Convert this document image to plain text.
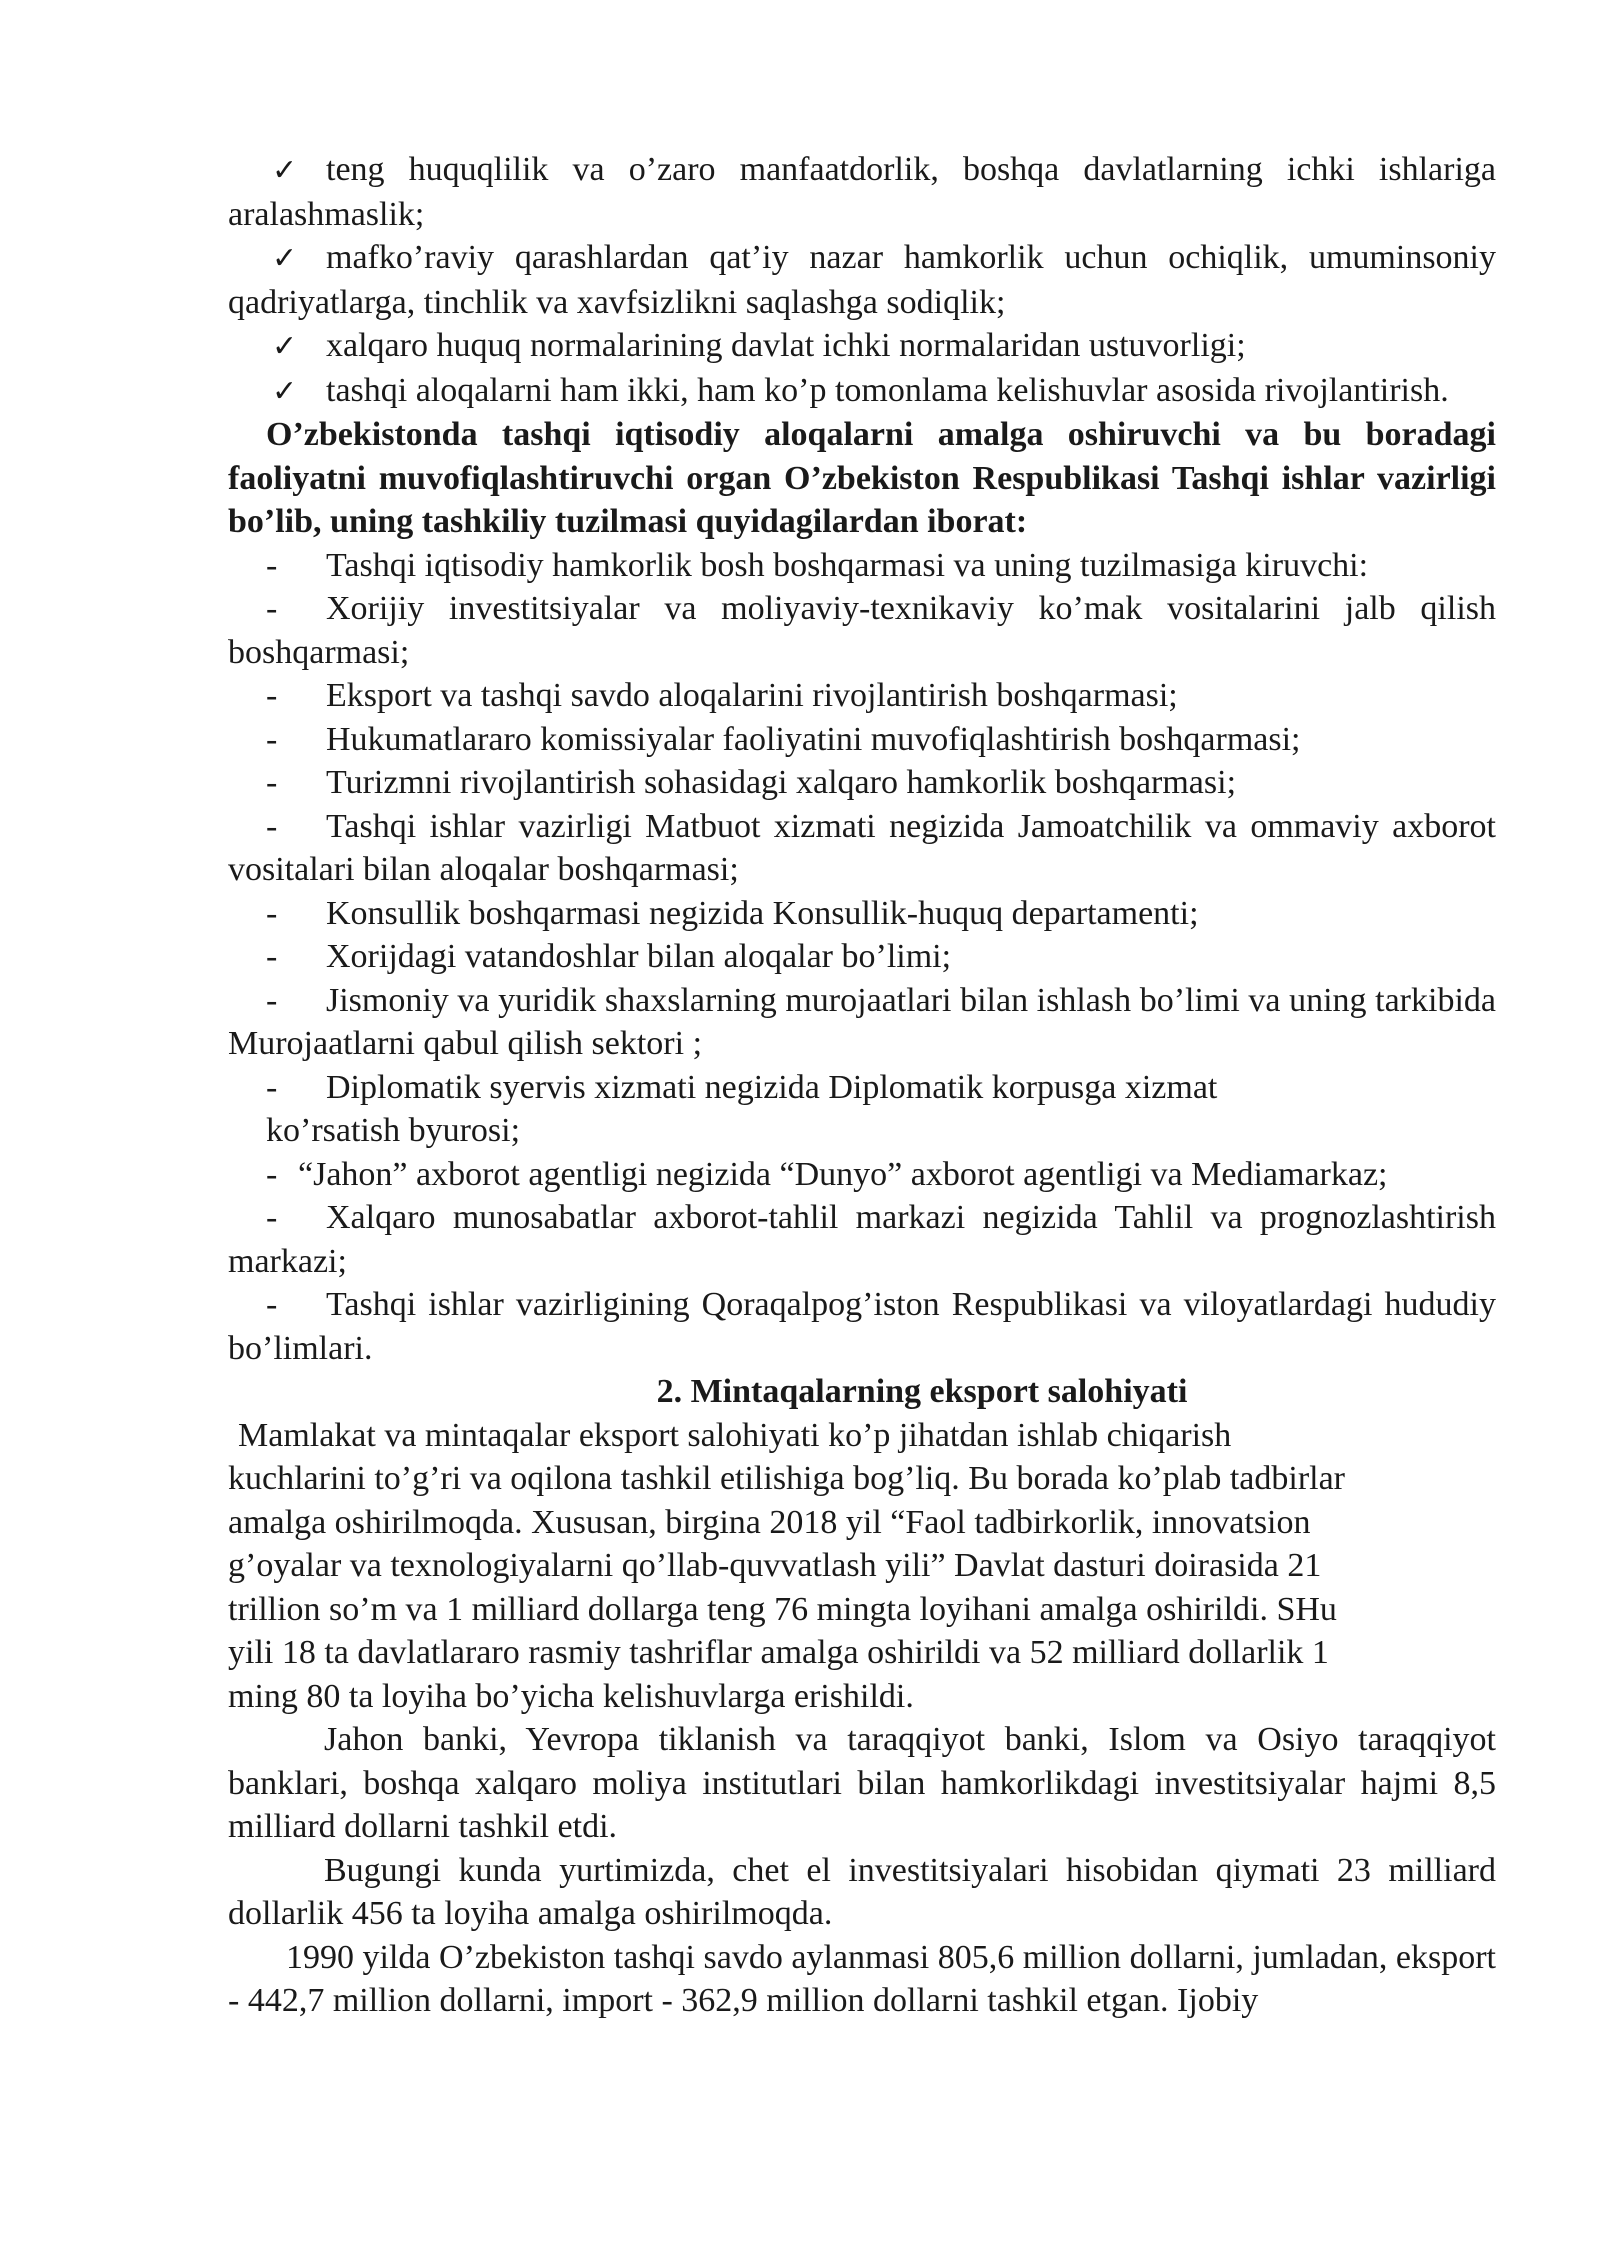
✓ teng huquqlilik va o’zaro manfaatdorlik, boshqa davlatlarning ichki ishlariga aralashmaslik;

✓ mafko’raviy qarashlardan qat’iy nazar hamkorlik uchun ochiqlik, umuminsoniy qadriyatlarga, tinchlik va xavfsizlikni saqlashga sodiqlik;

✓ xalqaro huquq normalarining davlat ichki normalaridan ustuvorligi;

✓ tashqi aloqalarni ham ikki, ham ko’p tomonlama kelishuvlar asosida rivojlantirish.

O’zbekistonda tashqi iqtisodiy aloqalarni amalga oshiruvchi va bu boradagi faoliyatni muvofiqlashtiruvchi organ O’zbekiston Respublikasi Tashqi ishlar vazirligi bo’lib, uning tashkiliy tuzilmasi quyidagilardan iborat:

- Tashqi iqtisodiy hamkorlik bosh boshqarmasi va uning tuzilmasiga kiruvchi:

- Xorijiy investitsiyalar va moliyaviy-texnikaviy ko’mak vositalarini jalb qilish boshqarmasi;

- Eksport va tashqi savdo aloqalarini rivojlantirish boshqarmasi;

- Hukumatlararo komissiyalar faoliyatini muvofiqlashtirish boshqarmasi;

- Turizmni rivojlantirish sohasidagi xalqaro hamkorlik boshqarmasi;

- Tashqi ishlar vazirligi Matbuot xizmati negizida Jamoatchilik va ommaviy axborot vositalari bilan aloqalar boshqarmasi;

- Konsullik boshqarmasi negizida Konsullik-huquq departamenti;

- Xorijdagi vatandoshlar bilan aloqalar bo’limi;

- Jismoniy va yuridik shaxslarning murojaatlari bilan ishlash bo’limi va uning tarkibida Murojaatlarni qabul qilish sektori ;

- Diplomatik syervis xizmati negizida Diplomatik korpusga xizmat

ko’rsatish byurosi;

- “Jahon” axborot agentligi negizida “Dunyo” axborot agentligi va Mediamarkaz;

- Xalqaro munosabatlar axborot-tahlil markazi negizida Tahlil va prognozlashtirish markazi;

- Tashqi ishlar vazirligining Qoraqalpog’iston Respublikasi va viloyatlardagi hududiy bo’limlari.

2. Mintaqalarning eksport salohiyati

Mamlakat va mintaqalar eksport salohiyati ko’p jihatdan ishlab chiqarish

kuchlarini to’g’ri va oqilona tashkil etilishiga bog’liq. Bu borada ko’plab tadbirlar

amalga oshirilmoqda. Xususan, birgina 2018 yil “Faol tadbirkorlik, innovatsion

g’oyalar va texnologiyalarni qo’llab-quvvatlash yili” Davlat dasturi doirasida 21

trillion so’m va 1 milliard dollarga teng 76 mingta loyihani amalga oshirildi. SHu

yili 18 ta davlatlararo rasmiy tashriflar amalga oshirildi va 52 milliard dollarlik 1

ming 80 ta loyiha bo’yicha kelishuvlarga erishildi.

Jahon banki, Yevropa tiklanish va taraqqiyot banki, Islom va Osiyo taraqqiyot banklari, boshqa xalqaro moliya institutlari bilan hamkorlikdagi investitsiyalar hajmi 8,5 milliard dollarni tashkil etdi.

Bugungi kunda yurtimizda, chet el investitsiyalari hisobidan qiymati 23 milliard dollarlik 456 ta loyiha amalga oshirilmoqda.

1990 yilda O’zbekiston tashqi savdo aylanmasi 805,6 million dollarni, jumladan, eksport - 442,7 million dollarni, import - 362,9 million dollarni tashkil etgan. Ijobiy
